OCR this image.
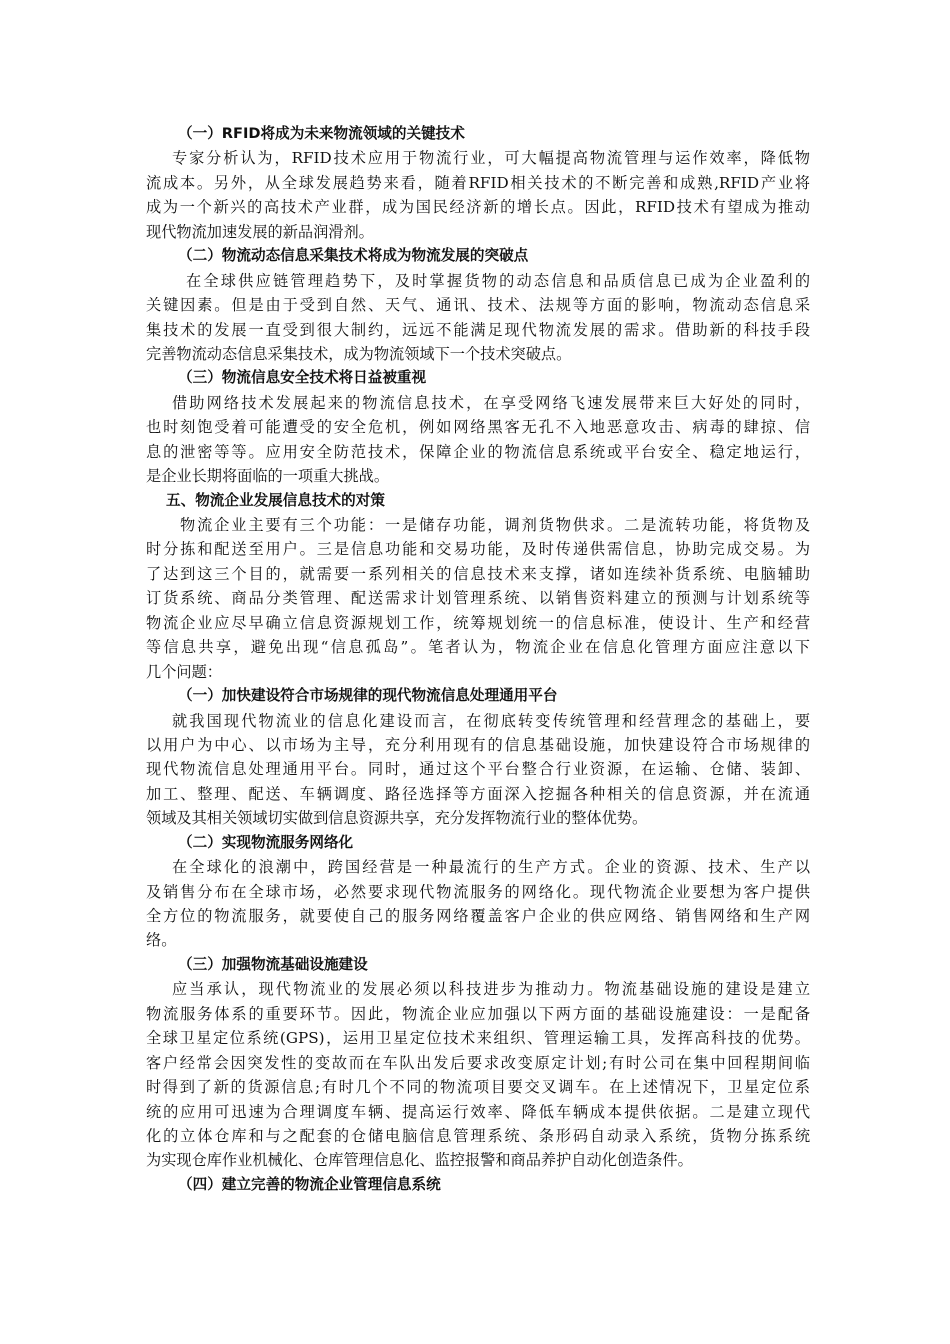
（一）RFID将成为未来物流领域的关键技术
专家分析认为，RFID技术应用于物流行业，可大幅提高物流管理与运作效率，降低物
流成本。另外，从全球发展趋势来看，随着RFID相关技术的不断完善和成熟,RFID产业将
成为一个新兴的高技术产业群，成为国民经济新的增长点。因此，RFID技术有望成为推动
现代物流加速发展的新品润滑剂。
（二）物流动态信息采集技术将成为物流发展的突破点
在全球供应链管理趋势下，及时掌握货物的动态信息和品质信息已成为企业盈利的
关键因素。但是由于受到自然、天气、通讯、技术、法规等方面的影响，物流动态信息采
集技术的发展一直受到很大制约，远远不能满足现代物流发展的需求。借助新的科技手段
完善物流动态信息采集技术，成为物流领域下一个技术突破点。
（三）物流信息安全技术将日益被重视
借助网络技术发展起来的物流信息技术，在享受网络飞速发展带来巨大好处的同时，
也时刻饱受着可能遭受的安全危机，例如网络黑客无孔不入地恶意攻击、病毒的肆掠、信
息的泄密等等。应用安全防范技术，保障企业的物流信息系统或平台安全、稳定地运行，
是企业长期将面临的一项重大挑战。
五、物流企业发展信息技术的对策
物流企业主要有三个功能：一是储存功能，调剂货物供求。二是流转功能，将货物及
时分拣和配送至用户。三是信息功能和交易功能，及时传递供需信息，协助完成交易。为
了达到这三个目的，就需要一系列相关的信息技术来支撑，诸如连续补货系统、电脑辅助
订货系统、商品分类管理、配送需求计划管理系统、以销售资料建立的预测与计划系统等
物流企业应尽早确立信息资源规划工作，统筹规划统一的信息标准，使设计、生产和经营
等信息共享，避免出现“信息孤岛”。笔者认为，物流企业在信息化管理方面应注意以下
几个问题：
（一）加快建设符合市场规律的现代物流信息处理通用平台
就我国现代物流业的信息化建设而言，在彻底转变传统管理和经营理念的基础上，要
以用户为中心、以市场为主导，充分利用现有的信息基础设施，加快建设符合市场规律的
现代物流信息处理通用平台。同时，通过这个平台整合行业资源，在运输、仓储、装卸、
加工、整理、配送、车辆调度、路径选择等方面深入挖掘各种相关的信息资源，并在流通
领域及其相关领域切实做到信息资源共享，充分发挥物流行业的整体优势。
（二）实现物流服务网络化
在全球化的浪潮中，跨国经营是一种最流行的生产方式。企业的资源、技术、生产以
及销售分布在全球市场，必然要求现代物流服务的网络化。现代物流企业要想为客户提供
全方位的物流服务，就要使自己的服务网络覆盖客户企业的供应网络、销售网络和生产网
络。
（三）加强物流基础设施建设
应当承认，现代物流业的发展必须以科技进步为推动力。物流基础设施的建设是建立
物流服务体系的重要环节。因此，物流企业应加强以下两方面的基础设施建设：一是配备
全球卫星定位系统(GPS)，运用卫星定位技术来组织、管理运输工具，发挥高科技的优势。
客户经常会因突发性的变故而在车队出发后要求改变原定计划;有时公司在集中回程期间临
时得到了新的货源信息;有时几个不同的物流项目要交叉调车。在上述情况下，卫星定位系
统的应用可迅速为合理调度车辆、提高运行效率、降低车辆成本提供依据。二是建立现代
化的立体仓库和与之配套的仓储电脑信息管理系统、条形码自动录入系统，货物分拣系统
为实现仓库作业机械化、仓库管理信息化、监控报警和商品养护自动化创造条件。
（四）建立完善的物流企业管理信息系统
